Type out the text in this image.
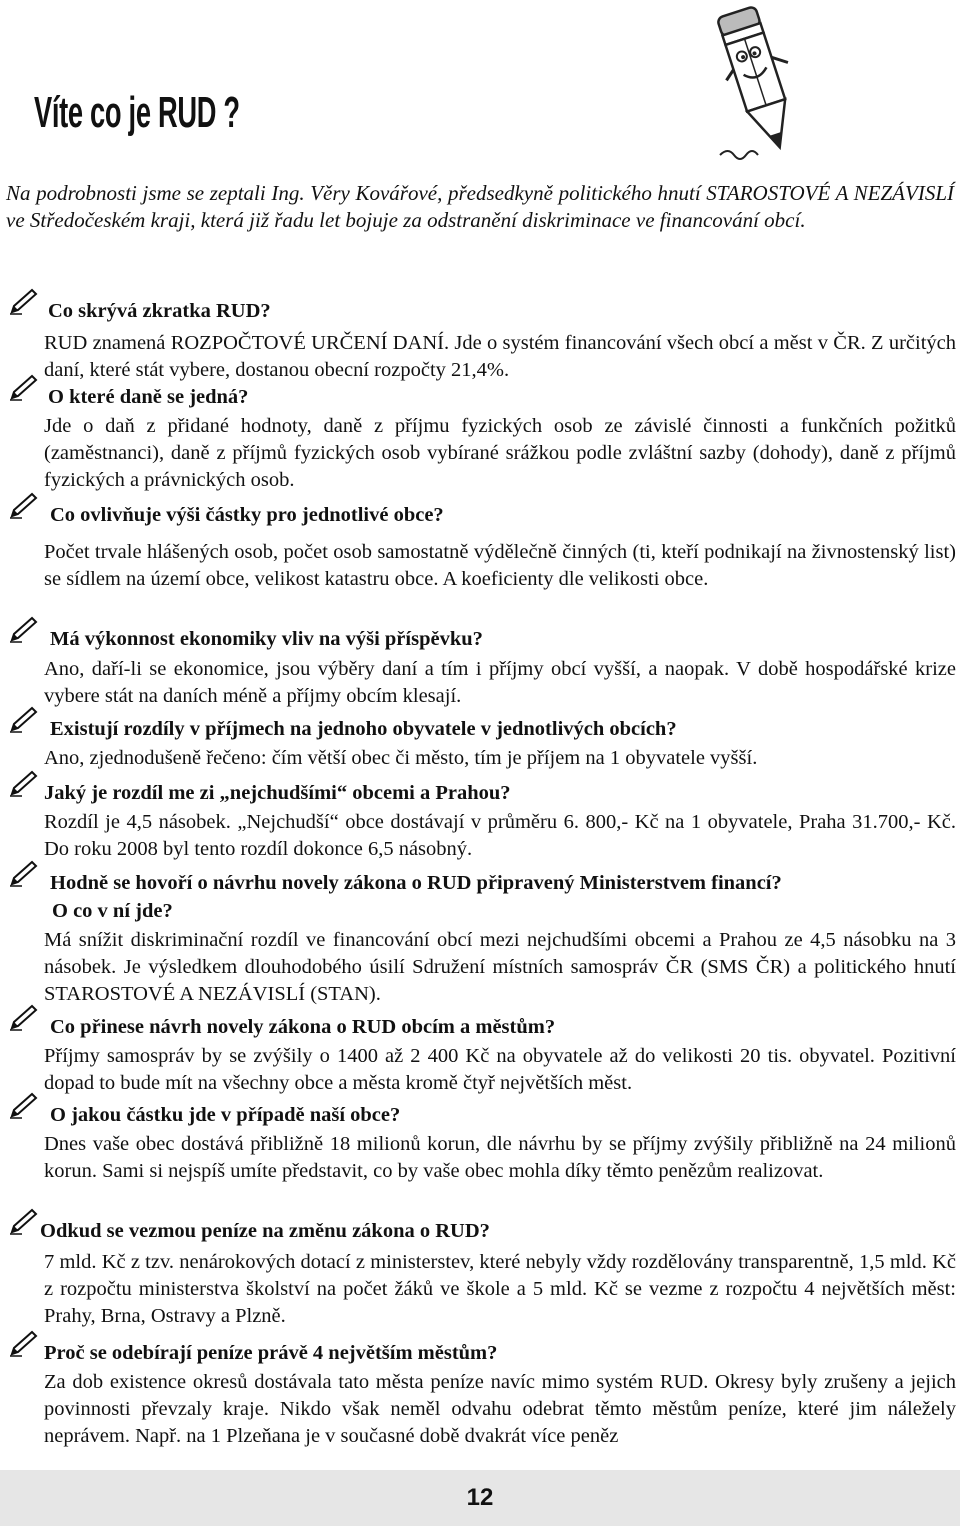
Víte co je RUD ?
Na podrobnosti jsme se zeptali Ing. Věry Kovářové, předsedkyně politického hnutí STAROSTOVÉ A NEZÁVISLÍ ve Středočeském kraji, která již řadu let bojuje za odstranění diskriminace ve financování obcí.
Co skrývá zkratka RUD?
RUD znamená ROZPOČTOVÉ URČENÍ DANÍ. Jde o systém financování všech obcí a měst v ČR. Z určitých daní, které stát vybere, dostanou obecní rozpočty 21,4%.
O které daně se jedná?
Jde o daň z přidané hodnoty, daně z příjmu fyzických osob ze závislé činnosti a funkčních požitků (zaměstnanci), daně z příjmů fyzických osob vybírané srážkou podle zvláštní sazby (dohody), daně z příjmů fyzických a právnických osob.
Co ovlivňuje výši částky pro jednotlivé obce?
Počet trvale hlášených osob, počet osob samostatně výdělečně činných (ti, kteří podnikají na živnostenský list) se sídlem na území obce, velikost katastru obce. A koeficienty dle velikosti obce.
Má výkonnost ekonomiky vliv na výši příspěvku?
Ano, daří-li se ekonomice, jsou výběry daní a tím i příjmy obcí vyšší, a naopak. V době hospodářské krize vybere stát na daních méně a příjmy obcím klesají.
Existují rozdíly v příjmech na jednoho obyvatele v jednotlivých obcích?
Ano, zjednodušeně řečeno: čím větší obec či město, tím je příjem na 1 obyvatele vyšší.
Jaký je rozdíl me zi „nejchudšími“ obcemi a Prahou?
Rozdíl je 4,5 násobek. „Nejchudší“ obce dostávají v průměru 6. 800,- Kč na 1 obyvatele, Praha 31.700,- Kč. Do roku 2008 byl tento rozdíl dokonce 6,5 násobný.
Hodně se hovoří o návrhu novely zákona o RUD připravený Ministerstvem financí?
O co v ní jde?
Má snížit diskriminační rozdíl ve financování obcí mezi nejchudšími obcemi a Prahou ze 4,5 násobku na 3 násobek. Je výsledkem dlouhodobého úsilí Sdružení místních samospráv ČR (SMS ČR) a politického hnutí STAROSTOVÉ A NEZÁVISLÍ (STAN).
Co přinese návrh novely zákona o RUD obcím a městům?
Příjmy samospráv by se zvýšily o 1400 až 2 400 Kč na obyvatele až do velikosti 20 tis. obyvatel. Pozitivní dopad to bude mít na všechny obce a města kromě čtyř největších měst.
O jakou částku jde v případě naší obce?
Dnes vaše obec dostává přibližně 18 milionů korun, dle návrhu by se příjmy zvýšily přibližně na 24 milionů korun. Sami si nejspíš umíte představit, co by vaše obec mohla díky těmto penězům realizovat.
Odkud se vezmou peníze na změnu zákona o RUD?
7 mld. Kč z tzv. nenárokových dotací z ministerstev, které nebyly vždy rozdělovány transparentně, 1,5 mld. Kč z rozpočtu ministerstva školství na počet žáků ve škole a 5 mld. Kč se vezme z rozpočtu 4 největších měst: Prahy, Brna, Ostravy a Plzně.
Proč se odebírají peníze právě 4 největším městům?
Za dob existence okresů dostávala tato města peníze navíc mimo systém RUD. Okresy byly zrušeny a jejich povinnosti převzaly kraje. Nikdo však neměl odvahu odebrat těmto městům peníze, které jim náležely neprávem. Např. na 1 Plzeňana je v současné době dvakrát více peněz
12
